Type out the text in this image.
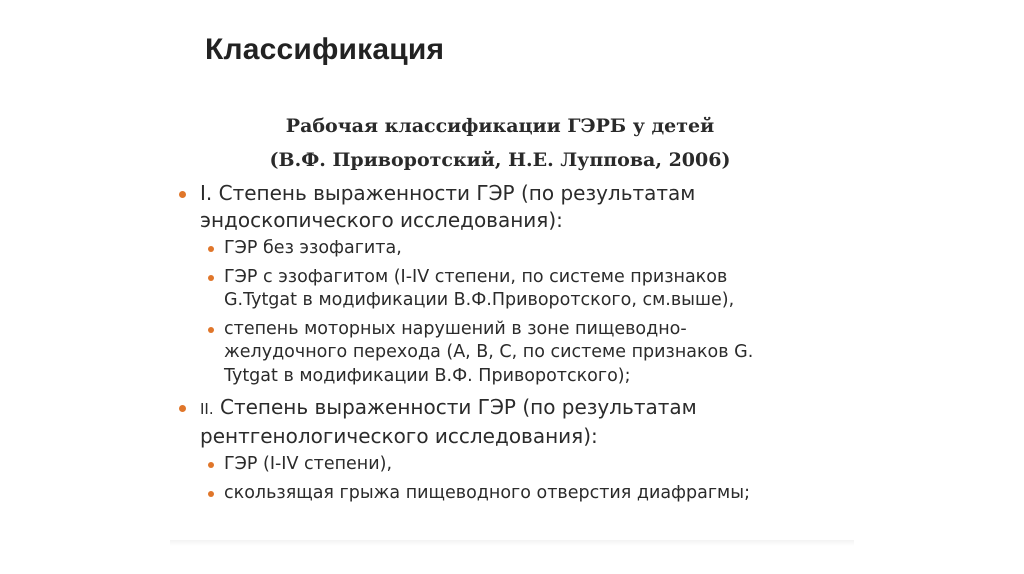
Классификация

Рабочая классификации ГЭРБ у детей

(В.Ф. Приворотский, Н.Е. Луппова, 2006)

I. Степень выраженности ГЭР (по результатам
эндоскопического исследования):
ГЭР без эзофагита,
ГЭР с эзофагитом (I-IV степени, по системе признаков
G.Tytgat в модификации В.Ф.Приворотского, см.выше),
степень моторных нарушений в зоне пищеводно-
желудочного перехода (А, В, С, по системе признаков G.
Tytgat в модификации В.Ф. Приворотского);
II. Степень выраженности ГЭР (по результатам
рентгенологического исследования):
ГЭР (I-IV степени),
скользящая грыжа пищеводного отверстия диафрагмы;
